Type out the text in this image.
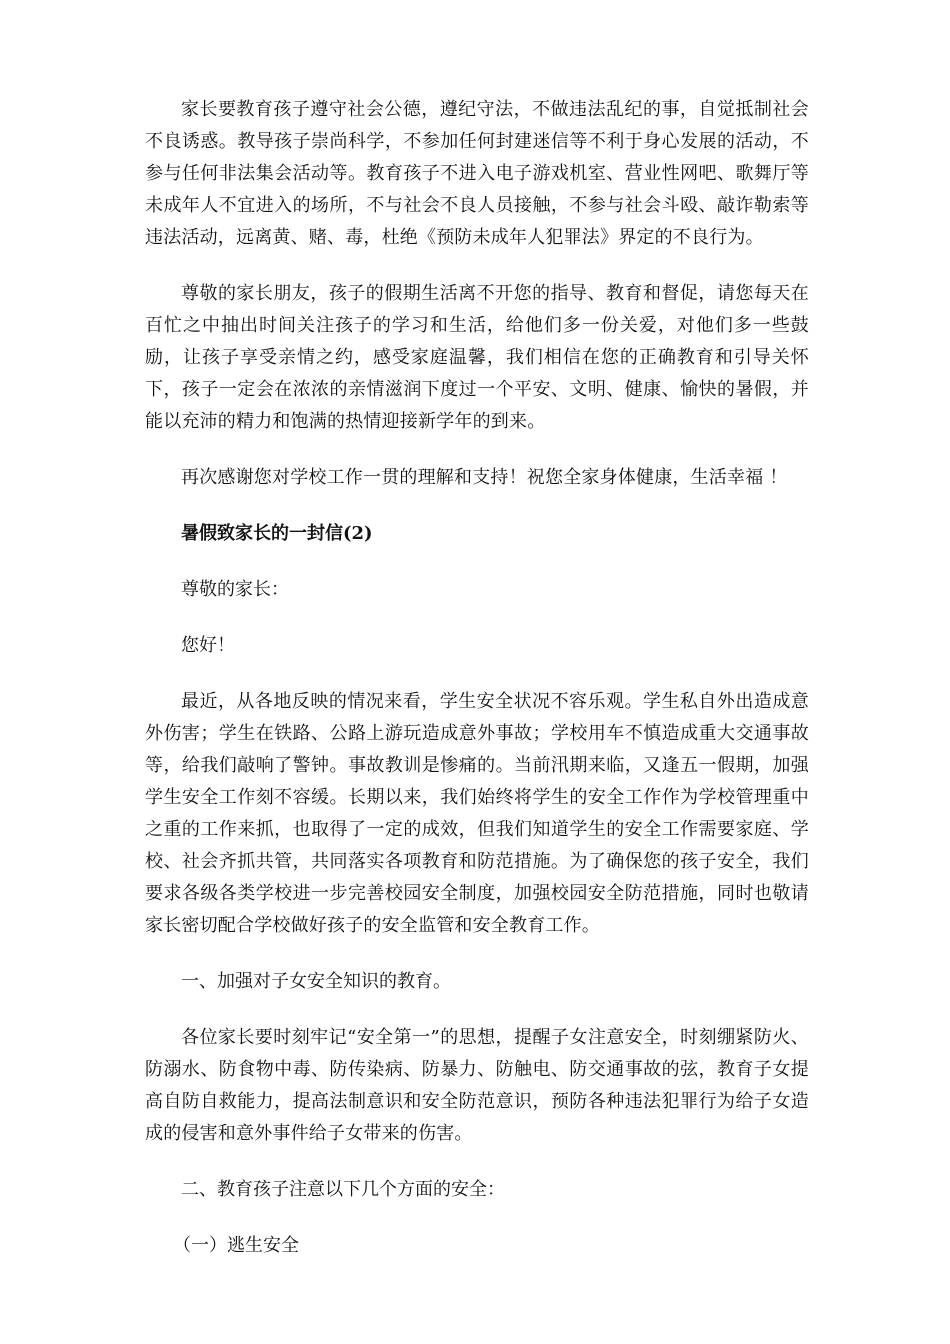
家长要教育孩子遵守社会公德，遵纪守法，不做违法乱纪的事，自觉抵制社会不良诱惑。教导孩子崇尚科学，不参加任何封建迷信等不利于身心发展的活动，不参与任何非法集会活动等。教育孩子不进入电子游戏机室、营业性网吧、歌舞厅等未成年人不宜进入的场所，不与社会不良人员接触，不参与社会斗殴、敲诈勒索等违法活动，远离黄、赌、毒，杜绝《预防未成年人犯罪法》界定的不良行为。

尊敬的家长朋友，孩子的假期生活离不开您的指导、教育和督促，请您每天在百忙之中抽出时间关注孩子的学习和生活，给他们多一份关爱，对他们多一些鼓励，让孩子享受亲情之约，感受家庭温馨，我们相信在您的正确教育和引导关怀下，孩子一定会在浓浓的亲情滋润下度过一个平安、文明、健康、愉快的暑假，并能以充沛的精力和饱满的热情迎接新学年的到来。

再次感谢您对学校工作一贯的理解和支持！祝您全家身体健康，生活幸福 ！

暑假致家长的一封信(2)

尊敬的家长：

您好！

最近，从各地反映的情况来看，学生安全状况不容乐观。学生私自外出造成意外伤害；学生在铁路、公路上游玩造成意外事故；学校用车不慎造成重大交通事故等，给我们敲响了警钟。事故教训是惨痛的。当前汛期来临，又逢五一假期，加强学生安全工作刻不容缓。长期以来，我们始终将学生的安全工作作为学校管理重中之重的工作来抓，也取得了一定的成效，但我们知道学生的安全工作需要家庭、学校、社会齐抓共管，共同落实各项教育和防范措施。为了确保您的孩子安全，我们要求各级各类学校进一步完善校园安全制度，加强校园安全防范措施，同时也敬请家长密切配合学校做好孩子的安全监管和安全教育工作。

一、加强对子女安全知识的教育。

各位家长要时刻牢记“安全第一”的思想，提醒子女注意安全，时刻绷紧防火、防溺水、防食物中毒、防传染病、防暴力、防触电、防交通事故的弦，教育子女提高自防自救能力，提高法制意识和安全防范意识，预防各种违法犯罪行为给子女造成的侵害和意外事件给子女带来的伤害。

二、教育孩子注意以下几个方面的安全：

（一）逃生安全
